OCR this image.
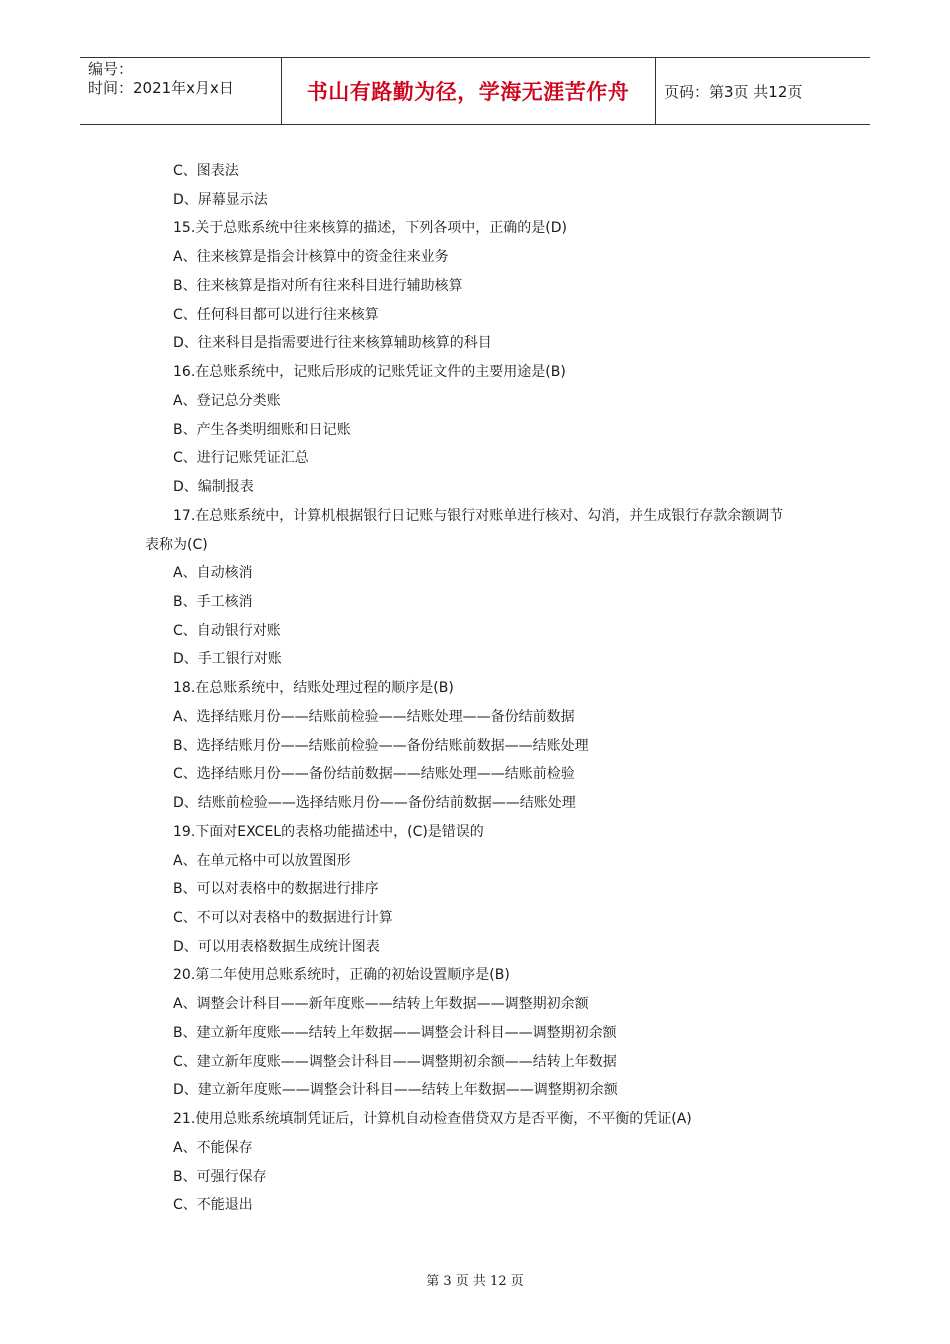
编号：
时间：2021年x月x日	书山有路勤为径，学海无涯苦作舟	页码：第3页 共12页
C、图表法
D、屏幕显示法
15.关于总账系统中往来核算的描述，下列各项中，正确的是(D)
A、往来核算是指会计核算中的资金往来业务
B、往来核算是指对所有往来科目进行辅助核算
C、任何科目都可以进行往来核算
D、往来科目是指需要进行往来核算辅助核算的科目
16.在总账系统中，记账后形成的记账凭证文件的主要用途是(B)
A、登记总分类账
B、产生各类明细账和日记账
C、进行记账凭证汇总
D、编制报表
17.在总账系统中，计算机根据银行日记账与银行对账单进行核对、勾消，并生成银行存款余额调节
表称为(C)
A、自动核消
B、手工核消
C、自动银行对账
D、手工银行对账
18.在总账系统中，结账处理过程的顺序是(B)
A、选择结账月份——结账前检验——结账处理——备份结前数据
B、选择结账月份——结账前检验——备份结账前数据——结账处理
C、选择结账月份——备份结前数据——结账处理——结账前检验
D、结账前检验——选择结账月份——备份结前数据——结账处理
19.下面对EXCEL的表格功能描述中，(C)是错误的
A、在单元格中可以放置图形
B、可以对表格中的数据进行排序
C、不可以对表格中的数据进行计算
D、可以用表格数据生成统计图表
20.第二年使用总账系统时，正确的初始设置顺序是(B)
A、调整会计科目——新年度账——结转上年数据——调整期初余额
B、建立新年度账——结转上年数据——调整会计科目——调整期初余额
C、建立新年度账——调整会计科目——调整期初余额——结转上年数据
D、建立新年度账——调整会计科目——结转上年数据——调整期初余额
21.使用总账系统填制凭证后，计算机自动检查借贷双方是否平衡，不平衡的凭证(A)
A、不能保存
B、可强行保存
C、不能退出
第 3 页 共 12 页
